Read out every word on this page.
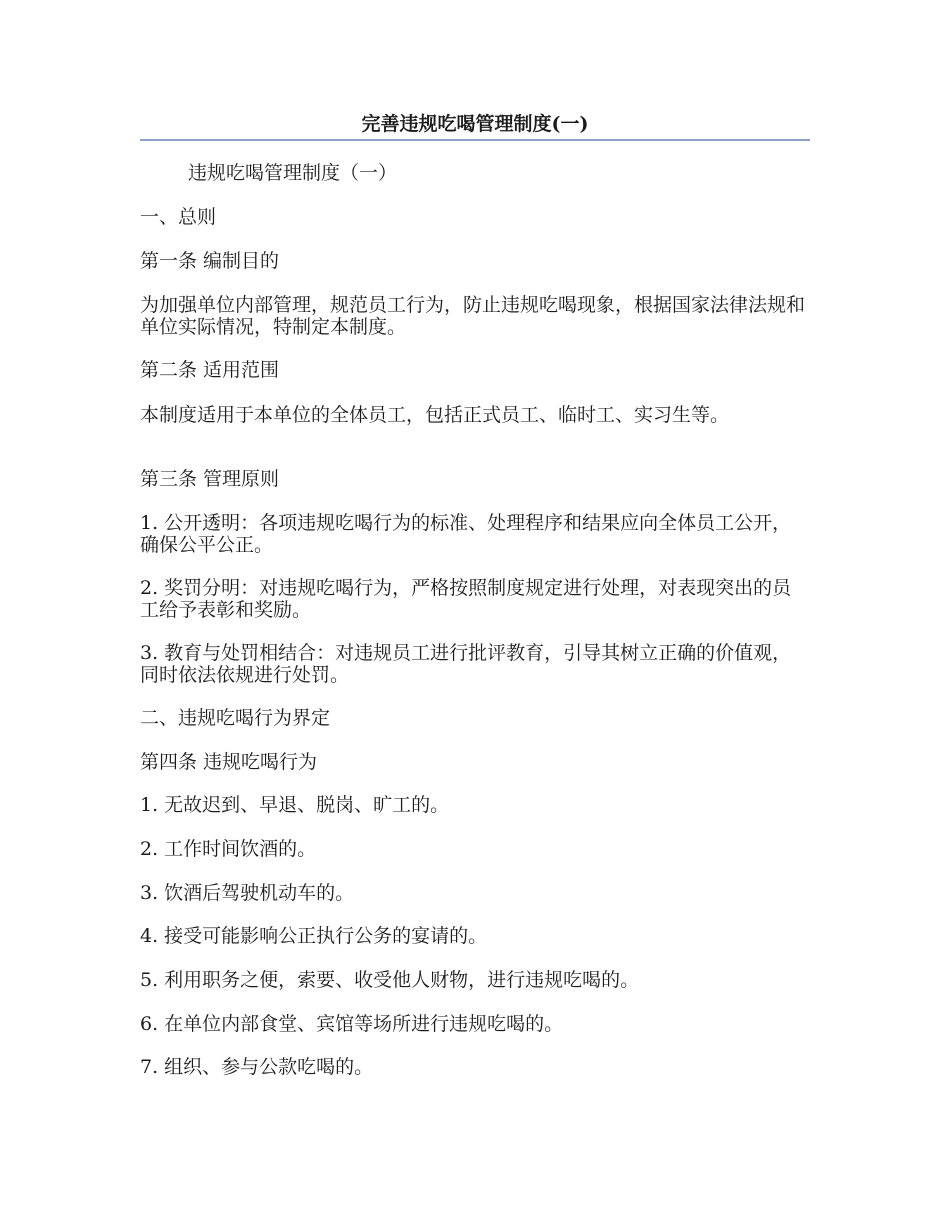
完善违规吃喝管理制度(一)

违规吃喝管理制度（一）

一、总则

第一条 编制目的

为加强单位内部管理，规范员工行为，防止违规吃喝现象，根据国家法律法规和单位实际情况，特制定本制度。

第二条 适用范围

本制度适用于本单位的全体员工，包括正式员工、临时工、实习生等。

第三条 管理原则

1. 公开透明：各项违规吃喝行为的标准、处理程序和结果应向全体员工公开，确保公平公正。

2. 奖罚分明：对违规吃喝行为，严格按照制度规定进行处理，对表现突出的员工给予表彰和奖励。

3. 教育与处罚相结合：对违规员工进行批评教育，引导其树立正确的价值观，同时依法依规进行处罚。

二、违规吃喝行为界定

第四条 违规吃喝行为

1. 无故迟到、早退、脱岗、旷工的。

2. 工作时间饮酒的。

3. 饮酒后驾驶机动车的。

4. 接受可能影响公正执行公务的宴请的。

5. 利用职务之便，索要、收受他人财物，进行违规吃喝的。

6. 在单位内部食堂、宾馆等场所进行违规吃喝的。

7. 组织、参与公款吃喝的。
